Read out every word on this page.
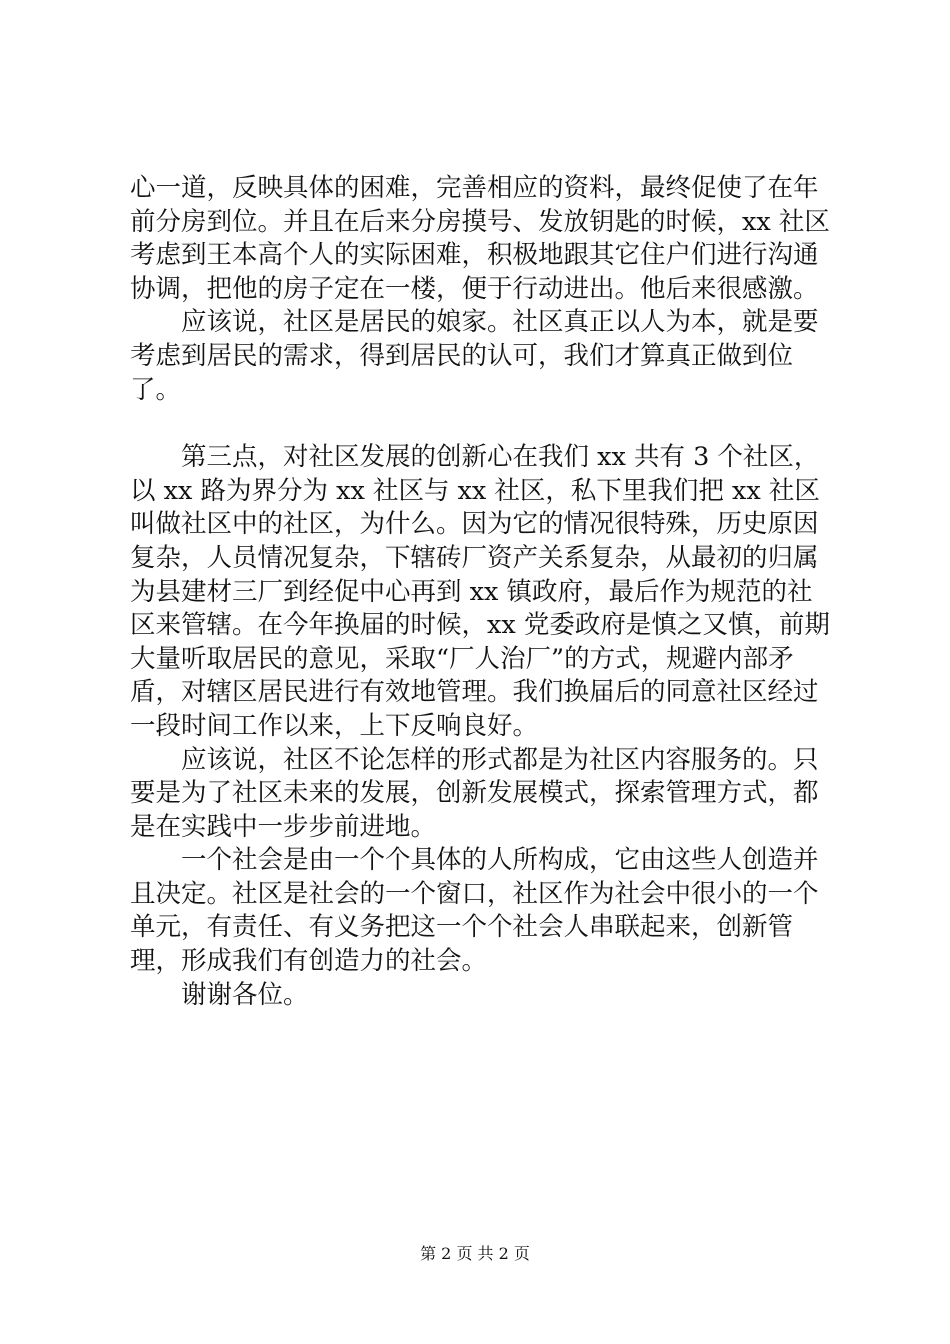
心一道，反映具体的困难，完善相应的资料，最终促使了在年前分房到位。并且在后来分房摸号、发放钥匙的时候，xx 社区考虑到王本高个人的实际困难，积极地跟其它住户们进行沟通协调，把他的房子定在一楼，便于行动进出。他后来很感激。

应该说，社区是居民的娘家。社区真正以人为本，就是要考虑到居民的需求，得到居民的认可，我们才算真正做到位了。

第三点，对社区发展的创新心在我们 xx 共有 3 个社区，以 xx 路为界分为 xx 社区与 xx 社区，私下里我们把 xx 社区叫做社区中的社区，为什么。因为它的情况很特殊，历史原因复杂，人员情况复杂，下辖砖厂资产关系复杂，从最初的归属为县建材三厂到经促中心再到 xx 镇政府，最后作为规范的社区来管辖。在今年换届的时候，xx 党委政府是慎之又慎，前期大量听取居民的意见，采取“厂人治厂”的方式，规避内部矛盾，对辖区居民进行有效地管理。我们换届后的同意社区经过一段时间工作以来，上下反响良好。

应该说，社区不论怎样的形式都是为社区内容服务的。只要是为了社区未来的发展，创新发展模式，探索管理方式，都是在实践中一步步前进地。

一个社会是由一个个具体的人所构成，它由这些人创造并且决定。社区是社会的一个窗口，社区作为社会中很小的一个单元，有责任、有义务把这一个个社会人串联起来，创新管理，形成我们有创造力的社会。

谢谢各位。

第 2 页 共 2 页
